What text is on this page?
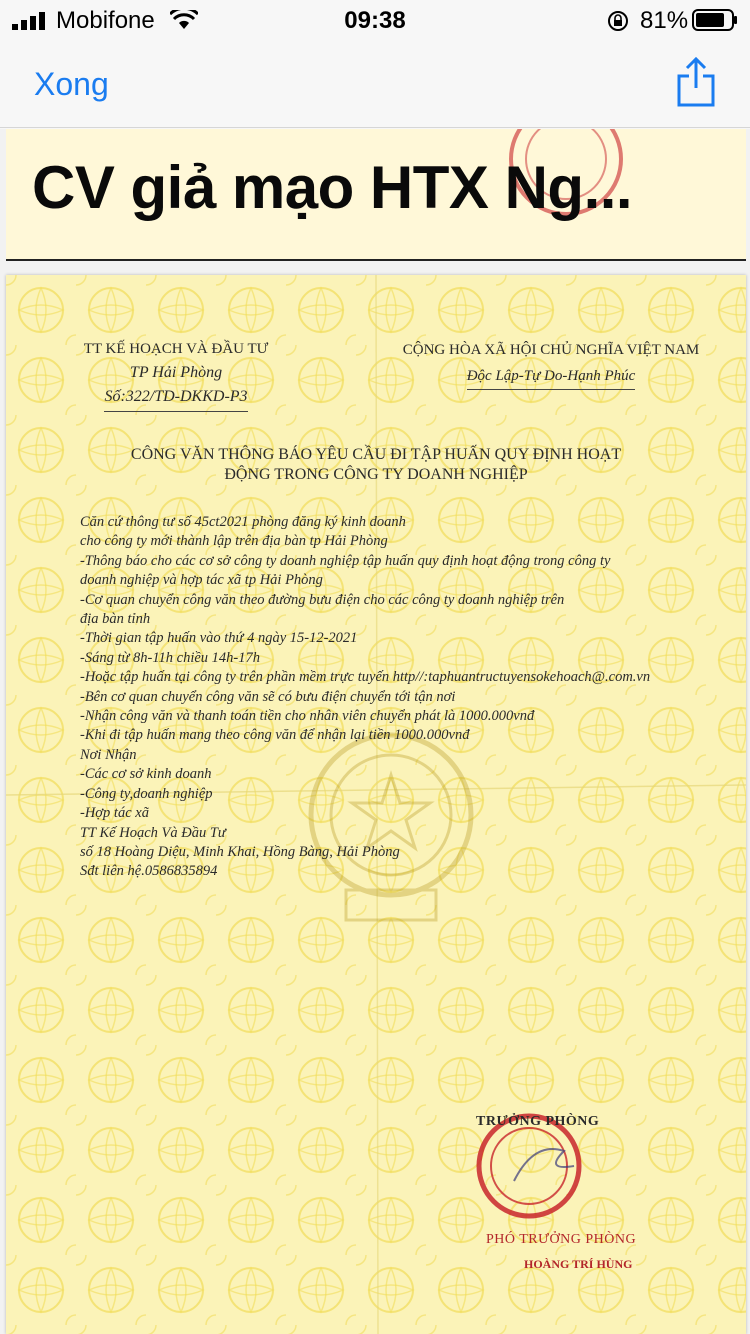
Mobifone	09:38	81%
Xong
CV giả mạo HTX Ng...
TT KẾ HOẠCH VÀ ĐẦU TƯ
TP Hải Phòng
Số:322/TD-DKKD-P3
CỘNG HÒA XÃ HỘI CHỦ NGHĨA VIỆT NAM
Độc Lập-Tự Do-Hạnh Phúc
CÔNG VĂN THÔNG BÁO YÊU CẦU ĐI TẬP HUẤN QUY ĐỊNH HOẠT
ĐỘNG TRONG CÔNG TY DOANH NGHIỆP
Căn cứ thông tư số 45ct2021 phòng đăng ký kinh doanh
cho công ty mới thành lập trên địa bàn tp Hải Phòng
-Thông báo cho các cơ sở công ty doanh nghiệp tập huấn quy định hoạt động trong công ty
doanh nghiệp và hợp tác xã tp Hải Phòng
-Cơ quan chuyển công văn theo đường bưu điện cho các công ty doanh nghiệp trên
địa bàn tỉnh
-Thời gian tập huấn vào thứ 4 ngày 15-12-2021
-Sáng từ 8h-11h chiều 14h-17h
-Hoặc tập huấn tại công ty trên phần mềm trực tuyến http//:taphuantructuyensokehoach@.com.vn
-Bên cơ quan chuyển công văn sẽ có bưu điện chuyển tới tận nơi
-Nhận công văn và thanh toán tiền cho nhân viên chuyển phát là 1000.000vnđ
-Khi đi tập huấn mang theo công văn để nhận lại tiền 1000.000vnđ
Nơi Nhận
-Các cơ sở kinh doanh
-Công ty,doanh nghiệp
-Hợp tác xã
TT Kế Hoạch Và Đầu Tư
số 18 Hoàng Diệu, Minh Khai, Hồng Bàng, Hải Phòng
Sđt liên hệ.0586835894
TRƯỞNG PHÒNG
PHÓ TRƯỞNG PHÒNG
HOÀNG TRÍ HÙNG
